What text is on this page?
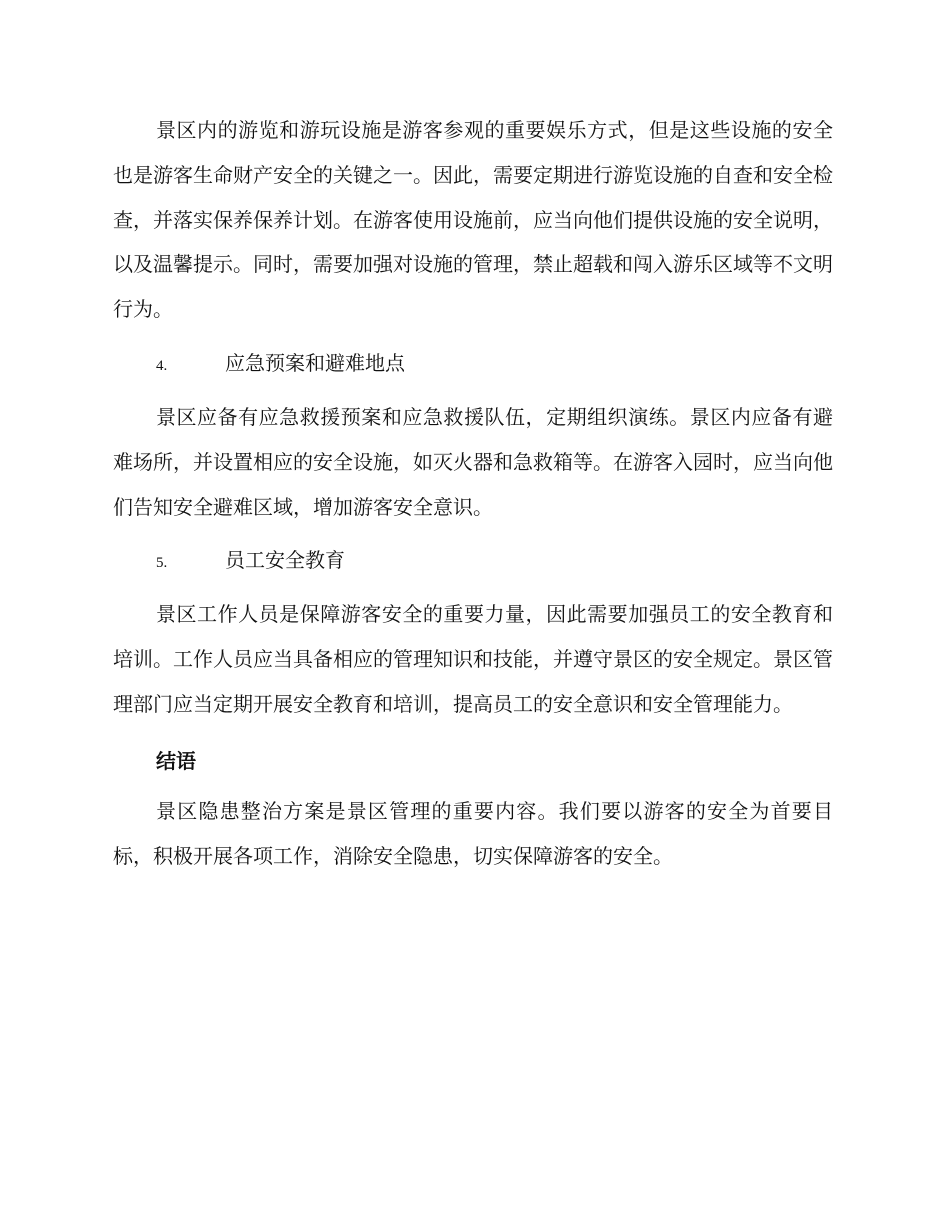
景区内的游览和游玩设施是游客参观的重要娱乐方式，但是这些设施的安全也是游客生命财产安全的关键之一。因此，需要定期进行游览设施的自查和安全检查，并落实保养保养计划。在游客使用设施前，应当向他们提供设施的安全说明，以及温馨提示。同时，需要加强对设施的管理，禁止超载和闯入游乐区域等不文明行为。

4.	应急预案和避难地点

景区应备有应急救援预案和应急救援队伍，定期组织演练。景区内应备有避难场所，并设置相应的安全设施，如灭火器和急救箱等。在游客入园时，应当向他们告知安全避难区域，增加游客安全意识。

5.	员工安全教育

景区工作人员是保障游客安全的重要力量，因此需要加强员工的安全教育和培训。工作人员应当具备相应的管理知识和技能，并遵守景区的安全规定。景区管理部门应当定期开展安全教育和培训，提高员工的安全意识和安全管理能力。

结语

景区隐患整治方案是景区管理的重要内容。我们要以游客的安全为首要目标，积极开展各项工作，消除安全隐患，切实保障游客的安全。
